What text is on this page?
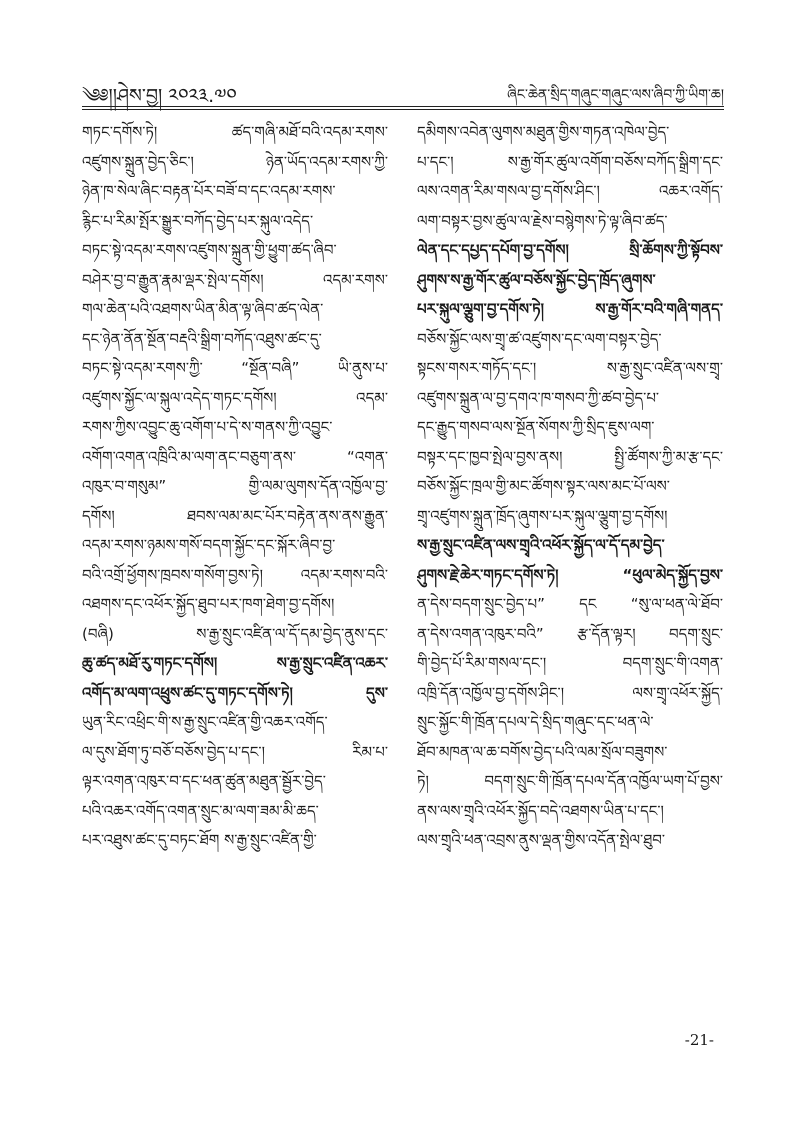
༄༅།།ཤེས་བྱ། ༢༠༢༣.༧༠	ཞིང་ཆེན་སྲིད་གཞུང་གཞུང་ལས་ཞིབ་ཀྱི་ཡིག་ཆ།
གཏང་དགོས་ཏེ། ཚད་གཞི་མཐོ་བའི་འདམ་རགས་
འཛུགས་སྐྲུན་བྱེད་ཅིང་། ཉེན་ཡོད་འདམ་རགས་ཀྱི་
ཉེན་ཁ་སེལ་ཞིང་བརྟན་པོར་བཟོ་བ་དང་འདམ་རགས་
རྙིང་པ་རིམ་སྤོར་སྒྱུར་བཀོད་བྱེད་པར་སྐུལ་འདེད་
བཏང་སྟེ་འདམ་རགས་འཛུགས་སྐྲུན་གྱི་ཕྱུག་ཚད་ཞིབ་
བཤེར་བྱ་བ་རྒྱུན་རྣམ་ལྡར་སྤེལ་དགོས། འདམ་རགས་
གལ་ཆེན་པའི་འཐགས་ཡིན་མིན་ལྟ་ཞིབ་ཚད་ལེན་
དང་ཉེན་ནོན་སྔོན་བརྡའི་སྒྲིག་བཀོད་འཐུས་ཚང་དུ་
བཏང་སྟེ་འདམ་རགས་ཀྱི་ “སྔོན་བཞི” ཡི་ནུས་པ་
འཛུགས་སྐྱོང་ལ་སྐུལ་འདེད་གཏང་དགོས། འདམ་
རགས་ཀྱིས་འབྱུང་ཆུ་འགོག་པ་དེ་ས་གནས་ཀྱི་འབྱུང་
འགོག་འགན་འཁྲིའི་མ་ལག་ནང་བཅུག་ནས་ “འགན་
འཁུར་བ་གསུམ” གྱི་ལམ་ལུགས་དོན་འཁྱོལ་བྱ་
དགོས། ཐབས་ལམ་མང་པོར་བརྟེན་ནས་ནས་རྒྱུན་
འདམ་རགས་ཉམས་གསོ་བདག་སྐྱོང་དང་སྐོར་ཞིབ་བྱ་
བའི་འགྲོ་ཕྱོགས་ཁྲབས་གསོག་བྱས་ཏེ། འདམ་རགས་བའི་
འཐགས་དང་འཕོར་སྐྱོད་ཐུབ་པར་ཁག་ཐེག་བྱ་དགོས།
(བཞི) ས་རྒྱ་སྲུང་འཛིན་ལ་དོ་དམ་བྱེད་ནུས་དང་
ཆུ་ཚད་མཐོ་རུ་གཏང་དགོས། ས་རྒྱ་སྲུང་འཛིན་འཆར་
འགོད་མ་ལག་འཕྲུས་ཚང་དུ་གཏང་དགོས་ཏེ། དུས་
ཡུན་རིང་འཕྲིང་གི་ས་རྒྱ་སྲུང་འཛིན་གྱི་འཆར་འགོད་
ལ་དུས་ཐོག་ཏུ་བཅོ་བཅོས་བྱེད་པ་དང་། རིམ་པ་
ལྟར་འགན་འཁུར་བ་དང་ཕན་ཚུན་མཐུན་སྦྱོར་བྱེད་
པའི་འཆར་འགོད་འགན་སྲུང་མ་ལག་ཟམ་མི་ཆད་
པར་འཐུས་ཚང་དུ་བཏང་ཐོག ས་རྒྱ་སྲུང་འཛིན་གྱི་
དམིགས་འབེན་ལུགས་མཐུན་གྱིས་གཏན་འཁེལ་བྱེད་
པ་དང་། ས་རྒྱ་གོར་ཚུལ་འགོག་བཅོས་བཀོད་སྒྲིག་དང་
ལས་འགན་རིམ་གསལ་བྱ་དགོས་ཤིང་། འཆར་འགོད་
ལག་བསྟར་བྱས་ཚུལ་ལ་རྗེས་བསྙེགས་ཏེ་ལྟ་ཞིབ་ཚད་
ལེན་དང་དཔྱད་དཔོག་བྱ་དགོས། སྲི་ཆོགས་ཀྱི་སྟོབས་
ཤུགས་ས་རྒྱ་གོར་ཚུལ་བཅོས་སྐྱོང་བྱེད་ཁྲོད་ཞུགས་
པར་སྐུལ་ལྕུག་བྱ་དགོས་ཏེ། ས་རྒྱ་གོར་བའི་གཞི་གནད་
བཅོས་སྐྱོང་ལས་གྲྭ་ཚ་འཛུགས་དང་ལག་བསྟར་བྱེད་
སྟངས་གསར་གཏོད་དང་། ས་རྒྱ་སྲུང་འཛིན་ལས་གྲྭ་
འཛུགས་སྐྲུན་ལ་བྱ་དགའ་ཁ་གསབ་ཀྱི་ཚབ་བྱེད་པ་
དང་རྒྱུད་གསབ་ལས་སྔོན་སོགས་ཀྱི་སྲིད་ཇུས་ལག་
བསྟར་དང་ཁྱབ་སྤེལ་བྱས་ནས། སྤྱི་ཚོགས་ཀྱི་མ་རྩ་དང་
བཅོས་སྐྱོང་ཁྲལ་གྱི་མང་ཚོགས་སྟར་ལས་མང་པོ་ལས་
གྲྭ་འཛུགས་སྐྲུན་ཁྲོད་ཞུགས་པར་སྐུལ་ལྕུག་བྱ་དགོས།
ས་རྒྱ་སྲུང་འཛིན་ལས་གྲྭའི་འཕོར་སྐྱོད་ལ་དོ་དམ་བྱེད་
ཤུགས་རྗེ་ཆེར་གཏང་དགོས་ཏེ། “ཕུལ་མེད་སྐྱོད་བྱས་
ན་དེས་བདག་སྲུང་བྱེད་པ” དང “སུ་ལ་ཕན་ལེ་ཐོབ་
ན་དེས་འགན་འཁུར་བའི” རྩ་དོན་ལྟར། བདག་སྲུང་
གི་བྱེད་པོ་རིམ་གསལ་དང་། བདག་སྲུང་གི་འགན་
འཁྲི་དོན་འཁྱོལ་བྱ་དགོས་ཤིང་། ལས་གྲྭ་འཕོར་སྐྱོད་
སྲུང་སྐྱོང་གི་ཁྲོན་དཔལ་དེ་སྲིད་གཞུང་དང་ཕན་ལེ་
ཐོབ་མཁན་ལ་ཆ་བགོས་བྱེད་པའི་ལམ་སྲོལ་བཟུགས་
ཏེ། བདག་སྲུང་གི་ཁྲོན་དཔལ་དོན་འཁྱོལ་ཡག་པོ་བྱས་
ནས་ལས་གྲྭའི་འཕོར་སྐྱོད་བདེ་འཐགས་ཡིན་པ་དང་།
ལས་གྲྭའི་ཕན་འབྲས་ནུས་ལྡན་གྱིས་འདོན་སྤེལ་ཐུབ་
-21-
